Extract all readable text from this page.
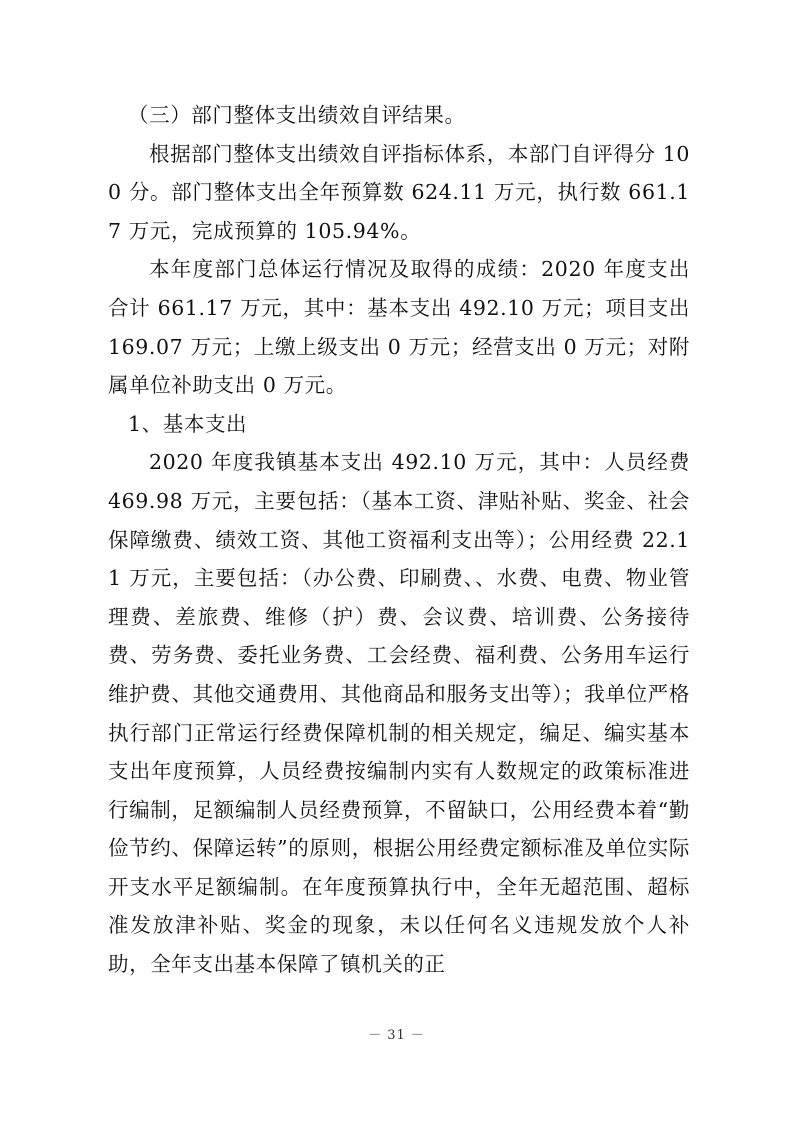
（三）部门整体支出绩效自评结果。

根据部门整体支出绩效自评指标体系，本部门自评得分 100 分。部门整体支出全年预算数 624.11 万元，执行数 661.17 万元，完成预算的 105.94%。

本年度部门总体运行情况及取得的成绩：2020 年度支出合计 661.17 万元，其中：基本支出 492.10 万元；项目支出 169.07 万元；上缴上级支出 0 万元；经营支出 0 万元；对附属单位补助支出 0 万元。

1、基本支出

2020 年度我镇基本支出 492.10 万元，其中：人员经费 469.98 万元，主要包括：（基本工资、津贴补贴、奖金、社会保障缴费、绩效工资、其他工资福利支出等）；公用经费 22.11 万元，主要包括：（办公费、印刷费、、水费、电费、物业管理费、差旅费、维修（护）费、会议费、培训费、公务接待费、劳务费、委托业务费、工会经费、福利费、公务用车运行维护费、其他交通费用、其他商品和服务支出等）；我单位严格执行部门正常运行经费保障机制的相关规定，编足、编实基本支出年度预算，人员经费按编制内实有人数规定的政策标准进行编制，足额编制人员经费预算，不留缺口，公用经费本着“勤俭节约、保障运转”的原则，根据公用经费定额标准及单位实际开支水平足额编制。在年度预算执行中，全年无超范围、超标准发放津补贴、奖金的现象，未以任何名义违规发放个人补助，全年支出基本保障了镇机关的正

－ 31 －
